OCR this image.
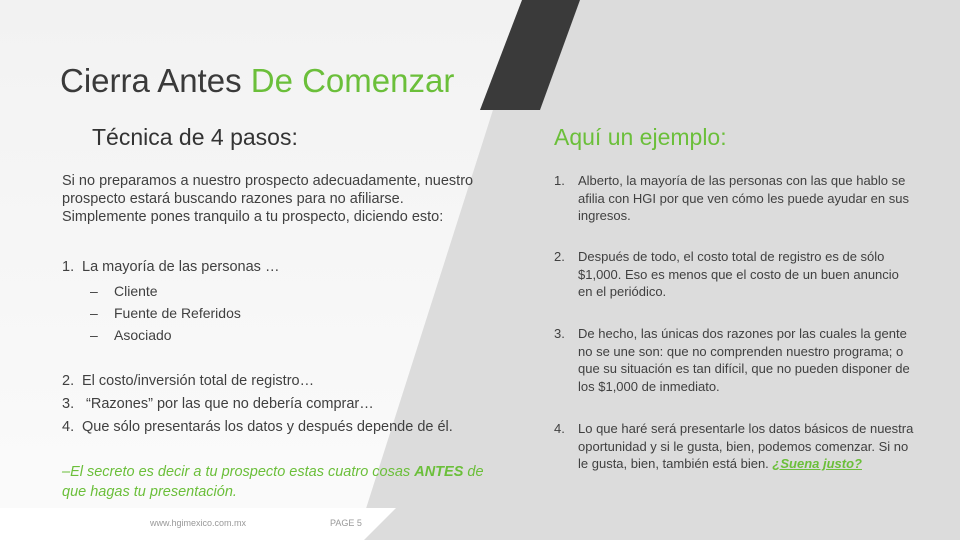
Cierra Antes De Comenzar
Técnica de 4 pasos:	Aquí un ejemplo:
Si no preparamos a nuestro prospecto adecuadamente, nuestro prospecto estará buscando razones para no afiliarse. Simplemente pones tranquilo a tu prospecto, diciendo esto:
1. La mayoría de las personas …
– Cliente
– Fuente de Referidos
– Asociado
2. El costo/inversión total de registro…
3. “Razones” por las que no debería comprar…
4. Que sólo presentarás los datos y después depende de él.
–El secreto es decir a tu prospecto estas cuatro cosas ANTES de que hagas tu presentación.
1. Alberto, la mayoría de las personas con las que hablo se afilia con HGI por que ven cómo les puede ayudar en sus ingresos.
2. Después de todo, el costo total de registro es de sólo $1,000. Eso es menos que el costo de un buen anuncio en el periódico.
3. De hecho, las únicas dos razones por las cuales la gente no se une son: que no comprenden nuestro programa; o que su situación es tan difícil, que no pueden disponer de los $1,000 de inmediato.
4. Lo que haré será presentarle los datos básicos de nuestra oportunidad y si le gusta, bien, podemos comenzar. Si no le gusta, bien, también está bien. ¿Suena justo?
www.hgimexico.com.mx	PAGE 5
